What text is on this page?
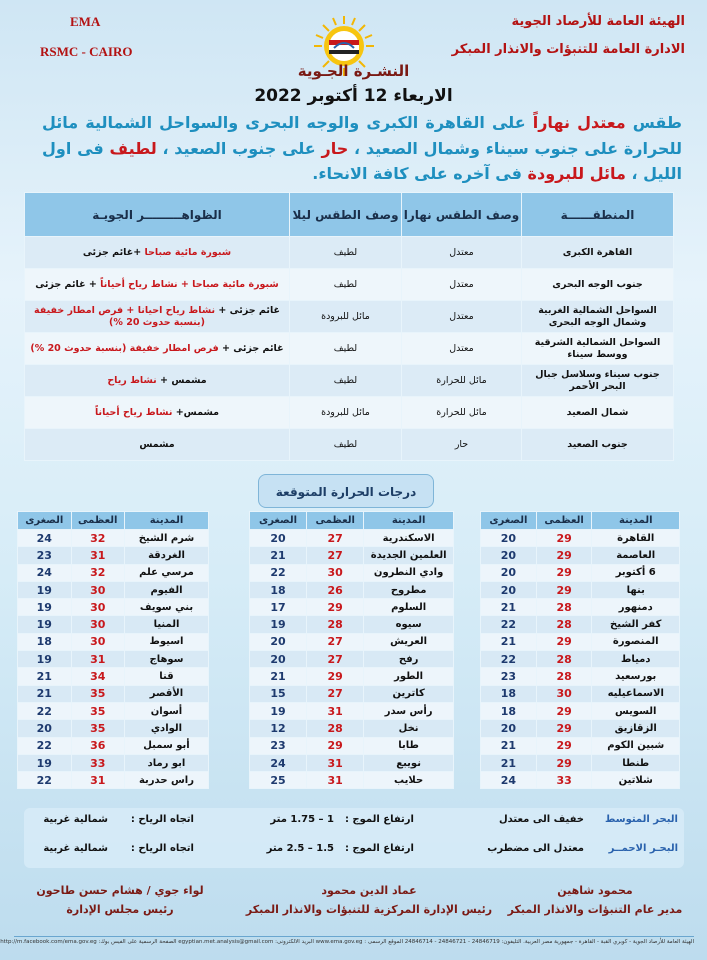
EMA
RSMC - CAIRO
الهيئة العامة للأرصاد الجوية
الادارة العامة للتنبؤات والانذار المبكر
النشـرة الجـوية
الاربعاء 12 أكتوبر 2022
طقس معتدل نهاراً على القاهرة الكبرى والوجه البحرى والسواحل الشمالية مائل للحرارة على جنوب سيناء وشمال الصعيد ، حار على جنوب الصعيد ، لطيف فى اول الليل ، مائل للبرودة فى آخره على كافة الانحاء.
المنطقــــــة	وصف الطقس نهارا	وصف الطقس ليلا	الظواهـــــــــر الجويـة
القاهرة الكبرى	معتدل	لطيف	شبورة مائية صباحا +غائم جزئى
جنوب الوجه البحرى	معتدل	لطيف	شبورة مائية صباحا + نشاط رياح أحياناً + غائم جزئى
السواحل الشمالية الغربية وشمال الوجه البحرى	معتدل	مائل للبرودة	غائم جزئى + نشاط رياح احيانا + فرص امطار خفيفة (بنسبة حدوث 20 %)
السواحل الشمالية الشرقية ووسط سيناء	معتدل	لطيف	غائم جزئى + فرص امطار خفيفة (بنسبة حدوث 20 %)
جنوب سيناء وسلاسل جبال البحر الأحمر	مائل للحرارة	لطيف	مشمس + نشاط رياح
شمال الصعيد	مائل للحرارة	مائل للبرودة	مشمس+ نشاط رياح أحياناً
جنوب الصعيد	حار	لطيف	مشمس
درجات الحرارة المتوقعة
المدينة	العظمى	الصغرى
القاهرة	29	20
العاصمة	29	20
6 أكتوبر	29	20
بنها	29	20
دمنهور	28	21
كفر الشيخ	28	22
المنصورة	29	21
دمياط	28	22
بورسعيد	28	23
الاسماعيليه	30	18
السويس	29	18
الزقازيق	29	20
شبين الكوم	29	21
طنطا	29	21
شلاتين	33	24
المدينة	العظمى	الصغرى
الاسكندرية	27	20
العلمين الجديدة	27	21
وادي النطرون	30	22
مطروح	26	18
السلوم	29	17
سيوه	28	19
العريش	27	20
رفح	27	20
الطور	29	21
كاترين	27	15
رأس سدر	31	19
نخل	28	12
طابا	29	23
نويبع	31	24
حلايب	31	25
المدينة	العظمى	الصغرى
شرم الشيخ	32	24
الغردقة	31	23
مرسي علم	32	24
الفيوم	30	19
بني سويف	30	19
المنيا	30	19
اسيوط	30	18
سوهاج	31	19
قنا	34	21
الأقصر	35	21
أسوان	35	22
الوادي	35	20
أبو سمبل	36	22
ابو رماد	33	19
راس حدربة	31	22
البحر المتوسط
خفيف الى معتدل
ارتفاع الموج :
1 – 1.75 متر
اتجاه الرياح :
شمالية غربية
البحـر الاحمــر
معتدل الى مضطرب
ارتفاع الموج :
1.5 – 2.5 متر
اتجاه الرياح :
شمالية غربية
محمود شاهين
مدير عام التنبؤات والانذار المبكر
عماد الدين محمود
رئيس الإدارة المركزية للتنبؤات والانذار المبكر
لواء جوي / هشام حسن طاحون
رئيس مجلس الإدارة
الهيئة العامة للأرصاد الجوية - كوبري القبة - القاهرة - جمهورية مصر العربية. التليفون: 24846719 - 24846721 - 24846714 الموقع الرسمى : www.ema.gov.eg البريد الالكترونى: egyptian.met.analysis@gmail.com الصفحة الرسمية على الفيس بوك: http://m.facebook.com/ema.gov.eg
